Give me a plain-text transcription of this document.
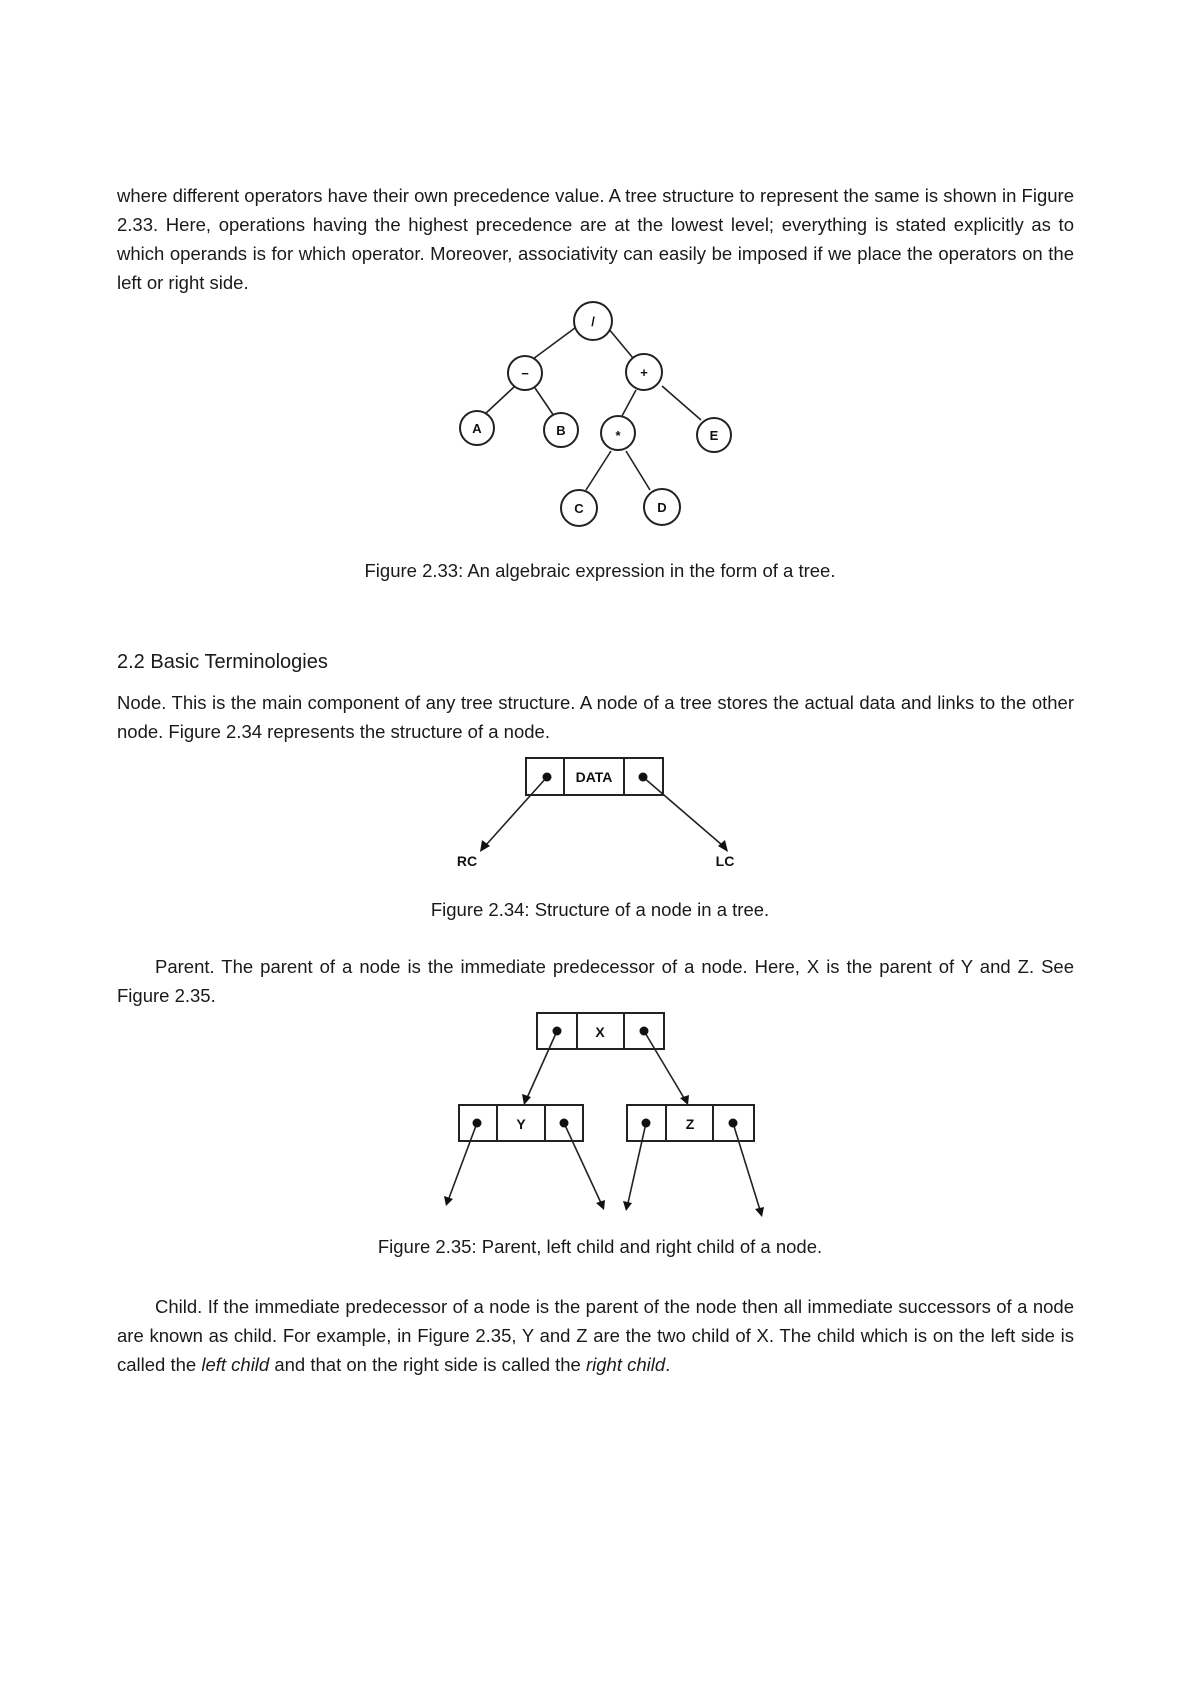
where different operators have their own precedence value. A tree structure to represent the same is shown in Figure 2.33. Here, operations having the highest precedence are at the lowest level; everything is stated explicitly as to which operands is for which operator. Moreover, associativity can easily be imposed if we place the operators on the left or right side.

/
−	+
A	B	*	E
C	D

Figure 2.33: An algebraic expression in the form of a tree.

2.2 Basic Terminologies

Node. This is the main component of any tree structure. A node of a tree stores the actual data and links to the other node. Figure 2.34 represents the structure of a node.

DATA
RC	LC

Figure 2.34: Structure of a node in a tree.

Parent. The parent of a node is the immediate predecessor of a node. Here, X is the parent of Y and Z. See Figure 2.35.

X
Y	Z

Figure 2.35: Parent, left child and right child of a node.

Child. If the immediate predecessor of a node is the parent of the node then all immediate successors of a node are known as child. For example, in Figure 2.35, Y and Z are the two child of X. The child which is on the left side is called the left child and that on the right side is called the right child.
